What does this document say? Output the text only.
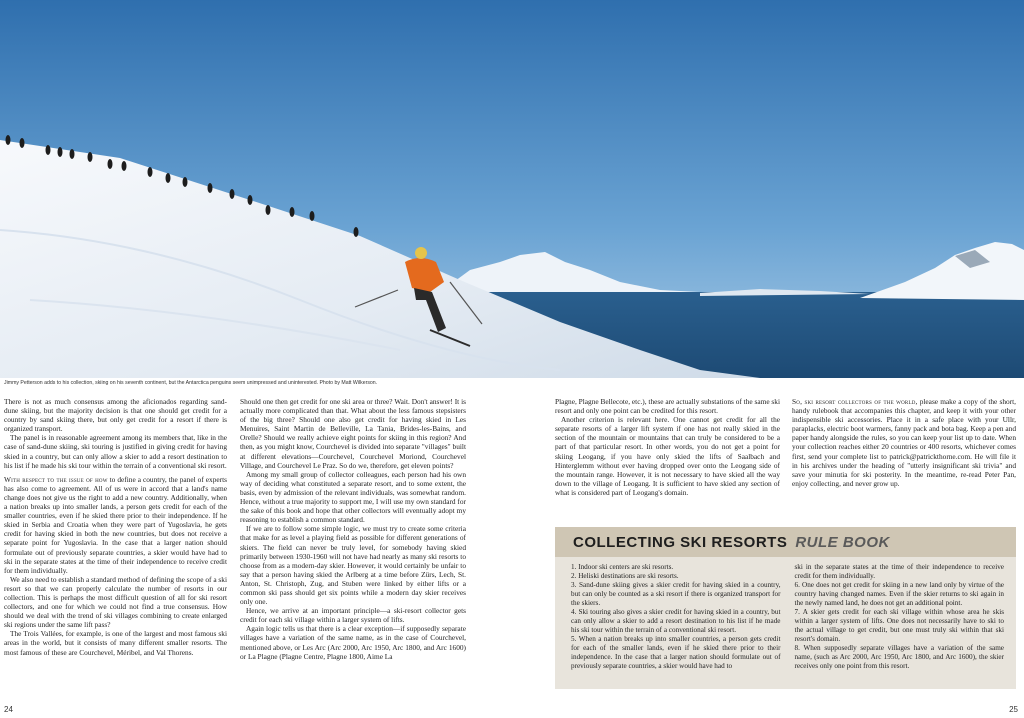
Jimmy Petterson adds to his collection, skiing on his seventh continent, but the Antarctica penguins seem unimpressed and uninterested. Photo by Matt Wilkerson.

There is not as much consensus among the aficionados regarding sand-dune skiing, but the majority decision is that one should get credit for a country by sand skiing there, but only get credit for a resort if there is organized transport.

The panel is in reasonable agreement among its members that, like in the case of sand-dune skiing, ski touring is justified in giving credit for having skied in a country, but can only allow a skier to add a resort destination to his list if he made his ski tour within the terrain of a conventional ski resort.

With respect to the issue of how to define a country, the panel of experts has also come to agreement. All of us were in accord that a land's name change does not give us the right to add a new country. Additionally, when a nation breaks up into smaller lands, a person gets credit for each of the smaller countries, even if he skied there prior to their independence. If he skied in Serbia and Croatia when they were part of Yugoslavia, he gets credit for having skied in both the new countries, but does not receive a separate point for Yugoslavia. In the case that a larger nation should formulate out of previously separate countries, a skier would have had to ski in the separate states at the time of their independence to receive credit for them individually.

We also need to establish a standard method of defining the scope of a ski resort so that we can properly calculate the number of resorts in our collection. This is perhaps the most difficult question of all for ski resort collectors, and one for which we could not find a true consensus. How should we deal with the trend of ski villages combining to create enlarged ski regions under the same lift pass?

The Trois Vallées, for example, is one of the largest and most famous ski areas in the world, but it consists of many different smaller resorts. The most famous of these are Courchevel, Méribel, and Val Thorens.

Should one then get credit for one ski area or three? Wait. Don't answer! It is actually more complicated than that. What about the less famous stepsisters of the big three? Should one also get credit for having skied in Les Menuires, Saint Martin de Belleville, La Tania, Brides-les-Bains, and Orelle? Should we really achieve eight points for skiing in this region? And then, as you might know, Courchevel is divided into separate "villages" built at different elevations—Courchevel, Courchevel Moriond, Courchevel Village, and Courchevel Le Praz. So do we, therefore, get eleven points?

Among my small group of collector colleagues, each person had his own way of deciding what constituted a separate resort, and to some extent, the basis, even by admission of the relevant individuals, was somewhat random. Hence, without a true majority to support me, I will use my own standard for the sake of this book and hope that other collectors will eventually adopt my reasoning to establish a common standard.

If we are to follow some simple logic, we must try to create some criteria that make for as level a playing field as possible for different generations of skiers. The field can never be truly level, for somebody having skied primarily between 1930-1960 will not have had nearly as many ski resorts to choose from as a modern-day skier. However, it would certainly be unfair to say that a person having skied the Arlberg at a time before Zürs, Lech, St. Anton, St. Christoph, Zug, and Stuben were linked by either lifts or a common ski pass should get six points while a modern day skier receives only one.

Hence, we arrive at an important principle—a ski-resort collector gets credit for each ski village within a larger system of lifts.

Again logic tells us that there is a clear exception—if supposedly separate villages have a variation of the same name, as in the case of Courchevel, mentioned above, or Les Arc (Arc 2000, Arc 1950, Arc 1800, and Arc 1600) or La Plagne (Plagne Centre, Plagne 1800, Aime La

Plagne, Plagne Bellecote, etc.), these are actually substations of the same ski resort and only one point can be credited for this resort.

Another criterion is relevant here. One cannot get credit for all the separate resorts of a larger lift system if one has not really skied in the section of the mountain or mountains that can truly be considered to be a part of that particular resort. In other words, you do not get a point for skiing Leogang, if you have only skied the lifts of Saalbach and Hinterglemm without ever having dropped over onto the Leogang side of the mountain range. However, it is not necessary to have skied all the way down to the village of Leogang. It is sufficient to have skied any section of what is considered part of Leogang's domain.

So, ski resort collectors of the world, please make a copy of the short, handy rulebook that accompanies this chapter, and keep it with your other indispensible ski accessories. Place it in a safe place with your Ullr, paraplacks, electric boot warmers, fanny pack and bota bag. Keep a pen and paper handy alongside the rules, so you can keep your list up to date. When your collection reaches either 20 countries or 400 resorts, whichever comes first, send your complete list to patrick@patrickthorne.com. He will file it in his archives under the heading of "utterly insignificant ski trivia" and save your minutia for ski posterity. In the meantime, re-read Peter Pan, enjoy collecting, and never grow up.

COLLECTING SKI RESORTS RULE BOOK
1. Indoor ski centers are ski resorts.
2. Heliski destinations are ski resorts.
3. Sand-dune skiing gives a skier credit for having skied in a country, but can only be counted as a ski resort if there is organized transport for the skiers.
4. Ski touring also gives a skier credit for having skied in a country, but can only allow a skier to add a resort destination to his list if he made his ski tour within the terrain of a conventional ski resort.
5. When a nation breaks up into smaller countries, a person gets credit for each of the smaller lands, even if he skied there prior to their independence. In the case that a larger nation should formulate out of previously separate countries, a skier would have had to
ski in the separate states at the time of their independence to receive credit for them individually.
6. One does not get credit for skiing in a new land only by virtue of the country having changed names. Even if the skier returns to ski again in the newly named land, he does not get an additional point.
7. A skier gets credit for each ski village within whose area he skis within a larger system of lifts. One does not necessarily have to ski to the actual village to get credit, but one must truly ski within that ski resort's domain.
8. When supposedly separate villages have a variation of the same name, (such as Arc 2000, Arc 1950, Arc 1800, and Arc 1600), the skier receives only one point from this resort.
24	25
